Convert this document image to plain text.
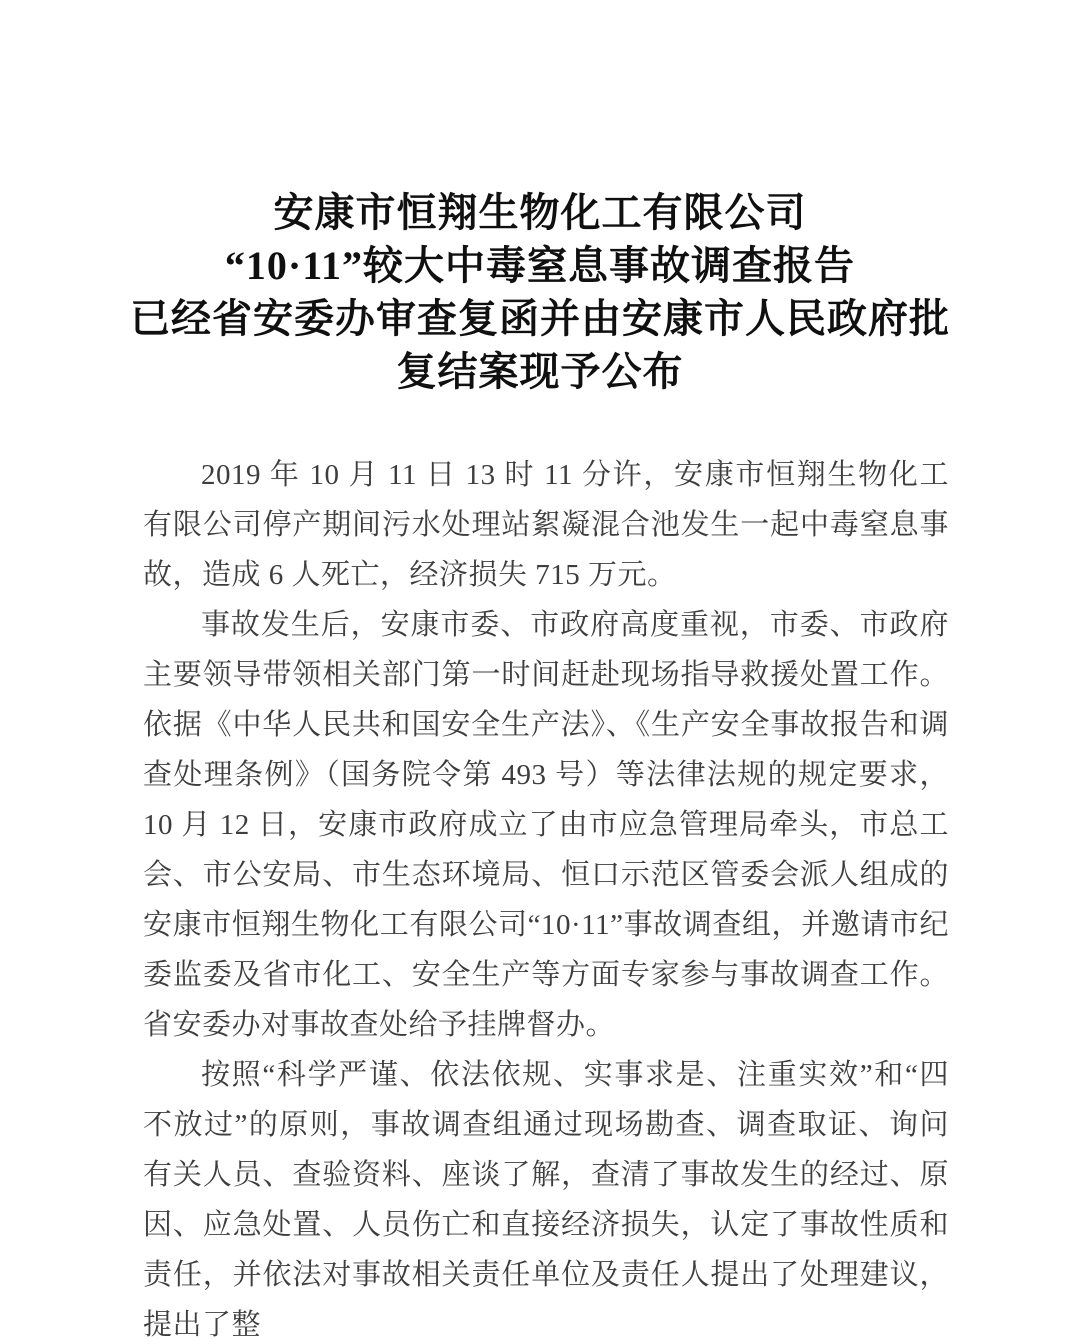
安康市恒翔生物化工有限公司
“10·11”较大中毒窒息事故调查报告
已经省安委办审查复函并由安康市人民政府批
复结案现予公布

2019 年 10 月 11 日 13 时 11 分许，安康市恒翔生物化工有限公司停产期间污水处理站絮凝混合池发生一起中毒窒息事故，造成 6 人死亡，经济损失 715 万元。

事故发生后，安康市委、市政府高度重视，市委、市政府主要领导带领相关部门第一时间赶赴现场指导救援处置工作。依据《中华人民共和国安全生产法》、《生产安全事故报告和调查处理条例》（国务院令第 493 号）等法律法规的规定要求，10 月 12 日，安康市政府成立了由市应急管理局牵头，市总工会、市公安局、市生态环境局、恒口示范区管委会派人组成的安康市恒翔生物化工有限公司“10·11”事故调查组，并邀请市纪委监委及省市化工、安全生产等方面专家参与事故调查工作。省安委办对事故查处给予挂牌督办。

按照“科学严谨、依法依规、实事求是、注重实效”和“四不放过”的原则，事故调查组通过现场勘查、调查取证、询问有关人员、查验资料、座谈了解，查清了事故发生的经过、原因、应急处置、人员伤亡和直接经济损失，认定了事故性质和责任，并依法对事故相关责任单位及责任人提出了处理建议，提出了整
